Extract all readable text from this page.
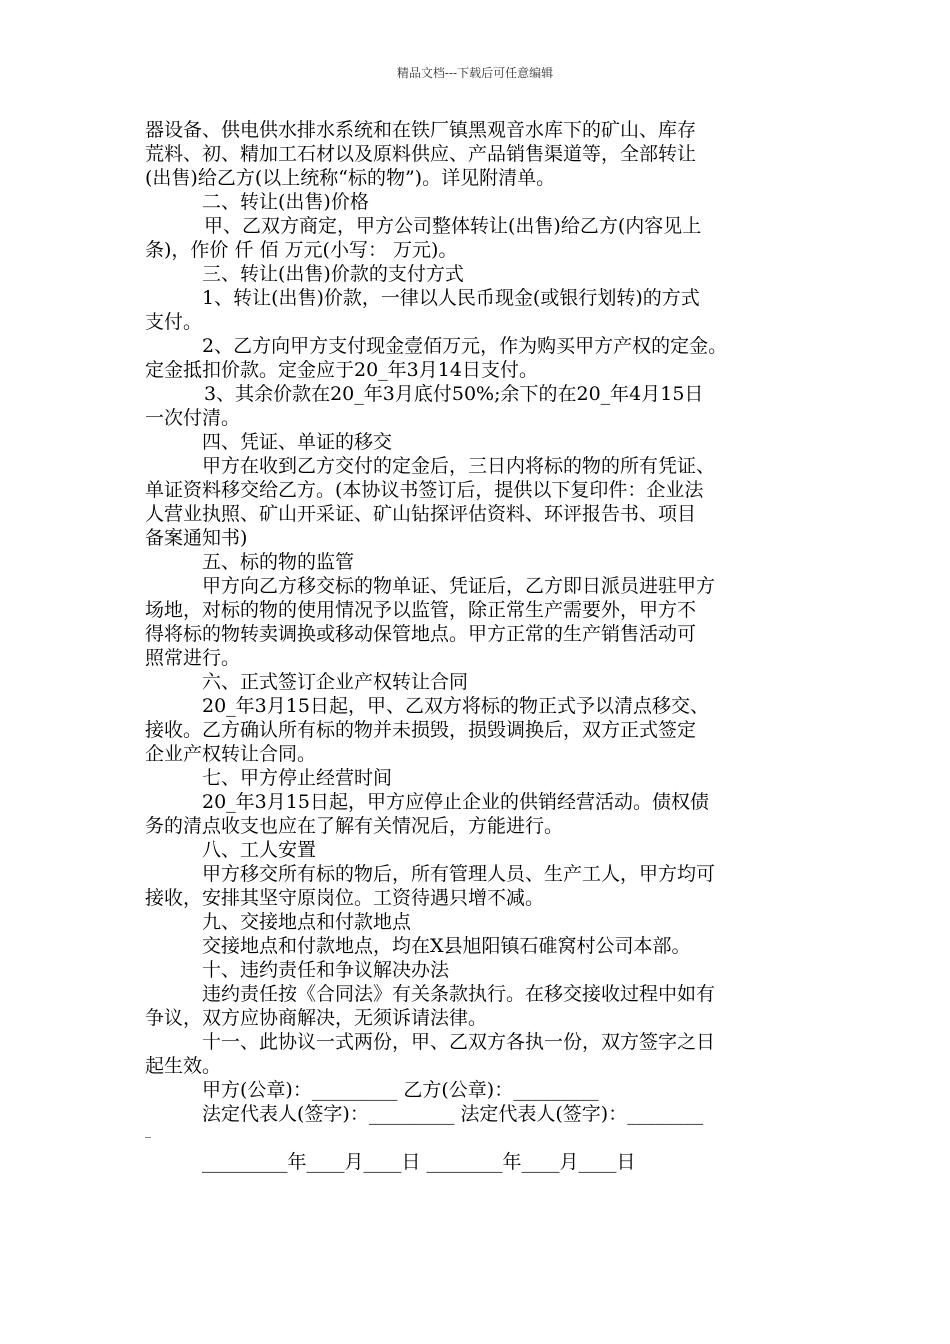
精品文档---下载后可任意编辑
器设备、供电供水排水系统和在铁厂镇黑观音水库下的矿山、库存
荒料、初、精加工石材以及原料供应、产品销售渠道等，全部转让
(出售)给乙方(以上统称“标的物”)。详见附清单。
二、转让(出售)价格
甲、乙双方商定，甲方公司整体转让(出售)给乙方(内容见上
条)，作价 仟 佰 万元(小写： 万元)。
三、转让(出售)价款的支付方式
1、转让(出售)价款，一律以人民币现金(或银行划转)的方式
支付。
2、乙方向甲方支付现金壹佰万元，作为购买甲方产权的定金。
定金抵扣价款。定金应于20_年3月14日支付。
3、其余价款在20_年3月底付50%;余下的在20_年4月15日
一次付清。
四、凭证、单证的移交
甲方在收到乙方交付的定金后，三日内将标的物的所有凭证、
单证资料移交给乙方。(本协议书签订后，提供以下复印件：企业法
人营业执照、矿山开采证、矿山钻探评估资料、环评报告书、项目
备案通知书)
五、标的物的监管
甲方向乙方移交标的物单证、凭证后，乙方即日派员进驻甲方
场地，对标的物的使用情况予以监管，除正常生产需要外，甲方不
得将标的物转卖调换或移动保管地点。甲方正常的生产销售活动可
照常进行。
六、正式签订企业产权转让合同
20_年3月15日起，甲、乙双方将标的物正式予以清点移交、
接收。乙方确认所有标的物并未损毁，损毁调换后，双方正式签定
企业产权转让合同。
七、甲方停止经营时间
20_年3月15日起，甲方应停止企业的供销经营活动。债权债
务的清点收支也应在了解有关情况后，方能进行。
八、工人安置
甲方移交所有标的物后，所有管理人员、生产工人，甲方均可
接收，安排其坚守原岗位。工资待遇只增不减。
九、交接地点和付款地点
交接地点和付款地点，均在X县旭阳镇石碓窝村公司本部。
十、违约责任和争议解决办法
违约责任按《合同法》有关条款执行。在移交接收过程中如有
争议，双方应协商解决，无须诉请法律。
十一、此协议一式两份，甲、乙双方各执一份，双方签字之日
起生效。
甲方(公章)：_________ 乙方(公章)：_________
法定代表人(签字)：_________ 法定代表人(签字)：________
_
_________年____月____日 ________年____月____日
